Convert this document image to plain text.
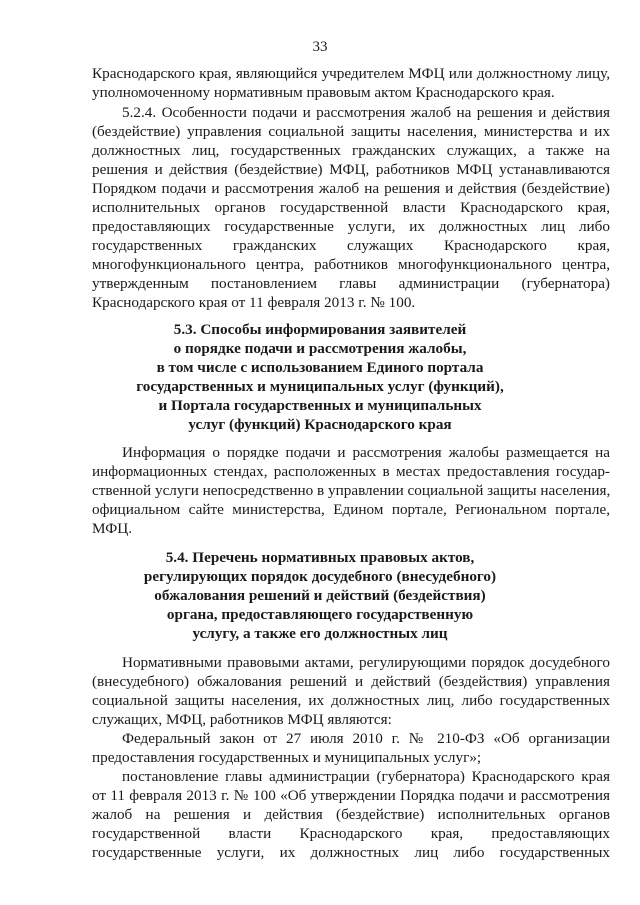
33
Краснодарского края, являющийся учредителем МФЦ или должностному лицу,
уполномоченному нормативным правовым актом Краснодарского края.
5.2.4. Особенности подачи и рассмотрения жалоб на решения и действия
(бездействие) управления социальной защиты населения, министерства и их
должностных лиц, государственных гражданских служащих, а также на
решения и действия (бездействие) МФЦ, работников МФЦ устанавливаются
Порядком подачи и рассмотрения жалоб на решения и действия (бездействие)
исполнительных органов государственной власти Краснодарского края,
предоставляющих государственные услуги, их должностных лиц либо
государственных гражданских служащих Краснодарского края,
многофункционального центра, работников многофункционального центра,
утвержденным постановлением главы администрации (губернатора)
Краснодарского края от 11 февраля 2013 г. № 100.
5.3. Способы информирования заявителей
о порядке подачи и рассмотрения жалобы,
в том числе с использованием Единого портала
государственных и муниципальных услуг (функций),
и Портала государственных и муниципальных
услуг (функций) Краснодарского края
Информация о порядке подачи и рассмотрения жалобы размещается на
информационных стендах, расположенных в местах предоставления государ-
ственной услуги непосредственно в управлении социальной защиты населения,
официальном сайте министерства, Едином портале, Региональном портале,
МФЦ.
5.4. Перечень нормативных правовых актов,
регулирующих порядок досудебного (внесудебного)
обжалования решений и действий (бездействия)
органа, предоставляющего государственную
услугу, а также его должностных лиц
Нормативными правовыми актами, регулирующими порядок досудебного
(внесудебного) обжалования решений и действий (бездействия) управления
социальной защиты населения, их должностных лиц, либо государственных
служащих, МФЦ, работников МФЦ являются:
Федеральный закон от 27 июля 2010 г. № 210-ФЗ «Об организации
предоставления государственных и муниципальных услуг»;
постановление главы администрации (губернатора) Краснодарского края
от 11 февраля 2013 г. № 100 «Об утверждении Порядка подачи и рассмотрения
жалоб на решения и действия (бездействие) исполнительных органов
государственной власти Краснодарского края, предоставляющих
государственные услуги, их должностных лиц либо государственных
